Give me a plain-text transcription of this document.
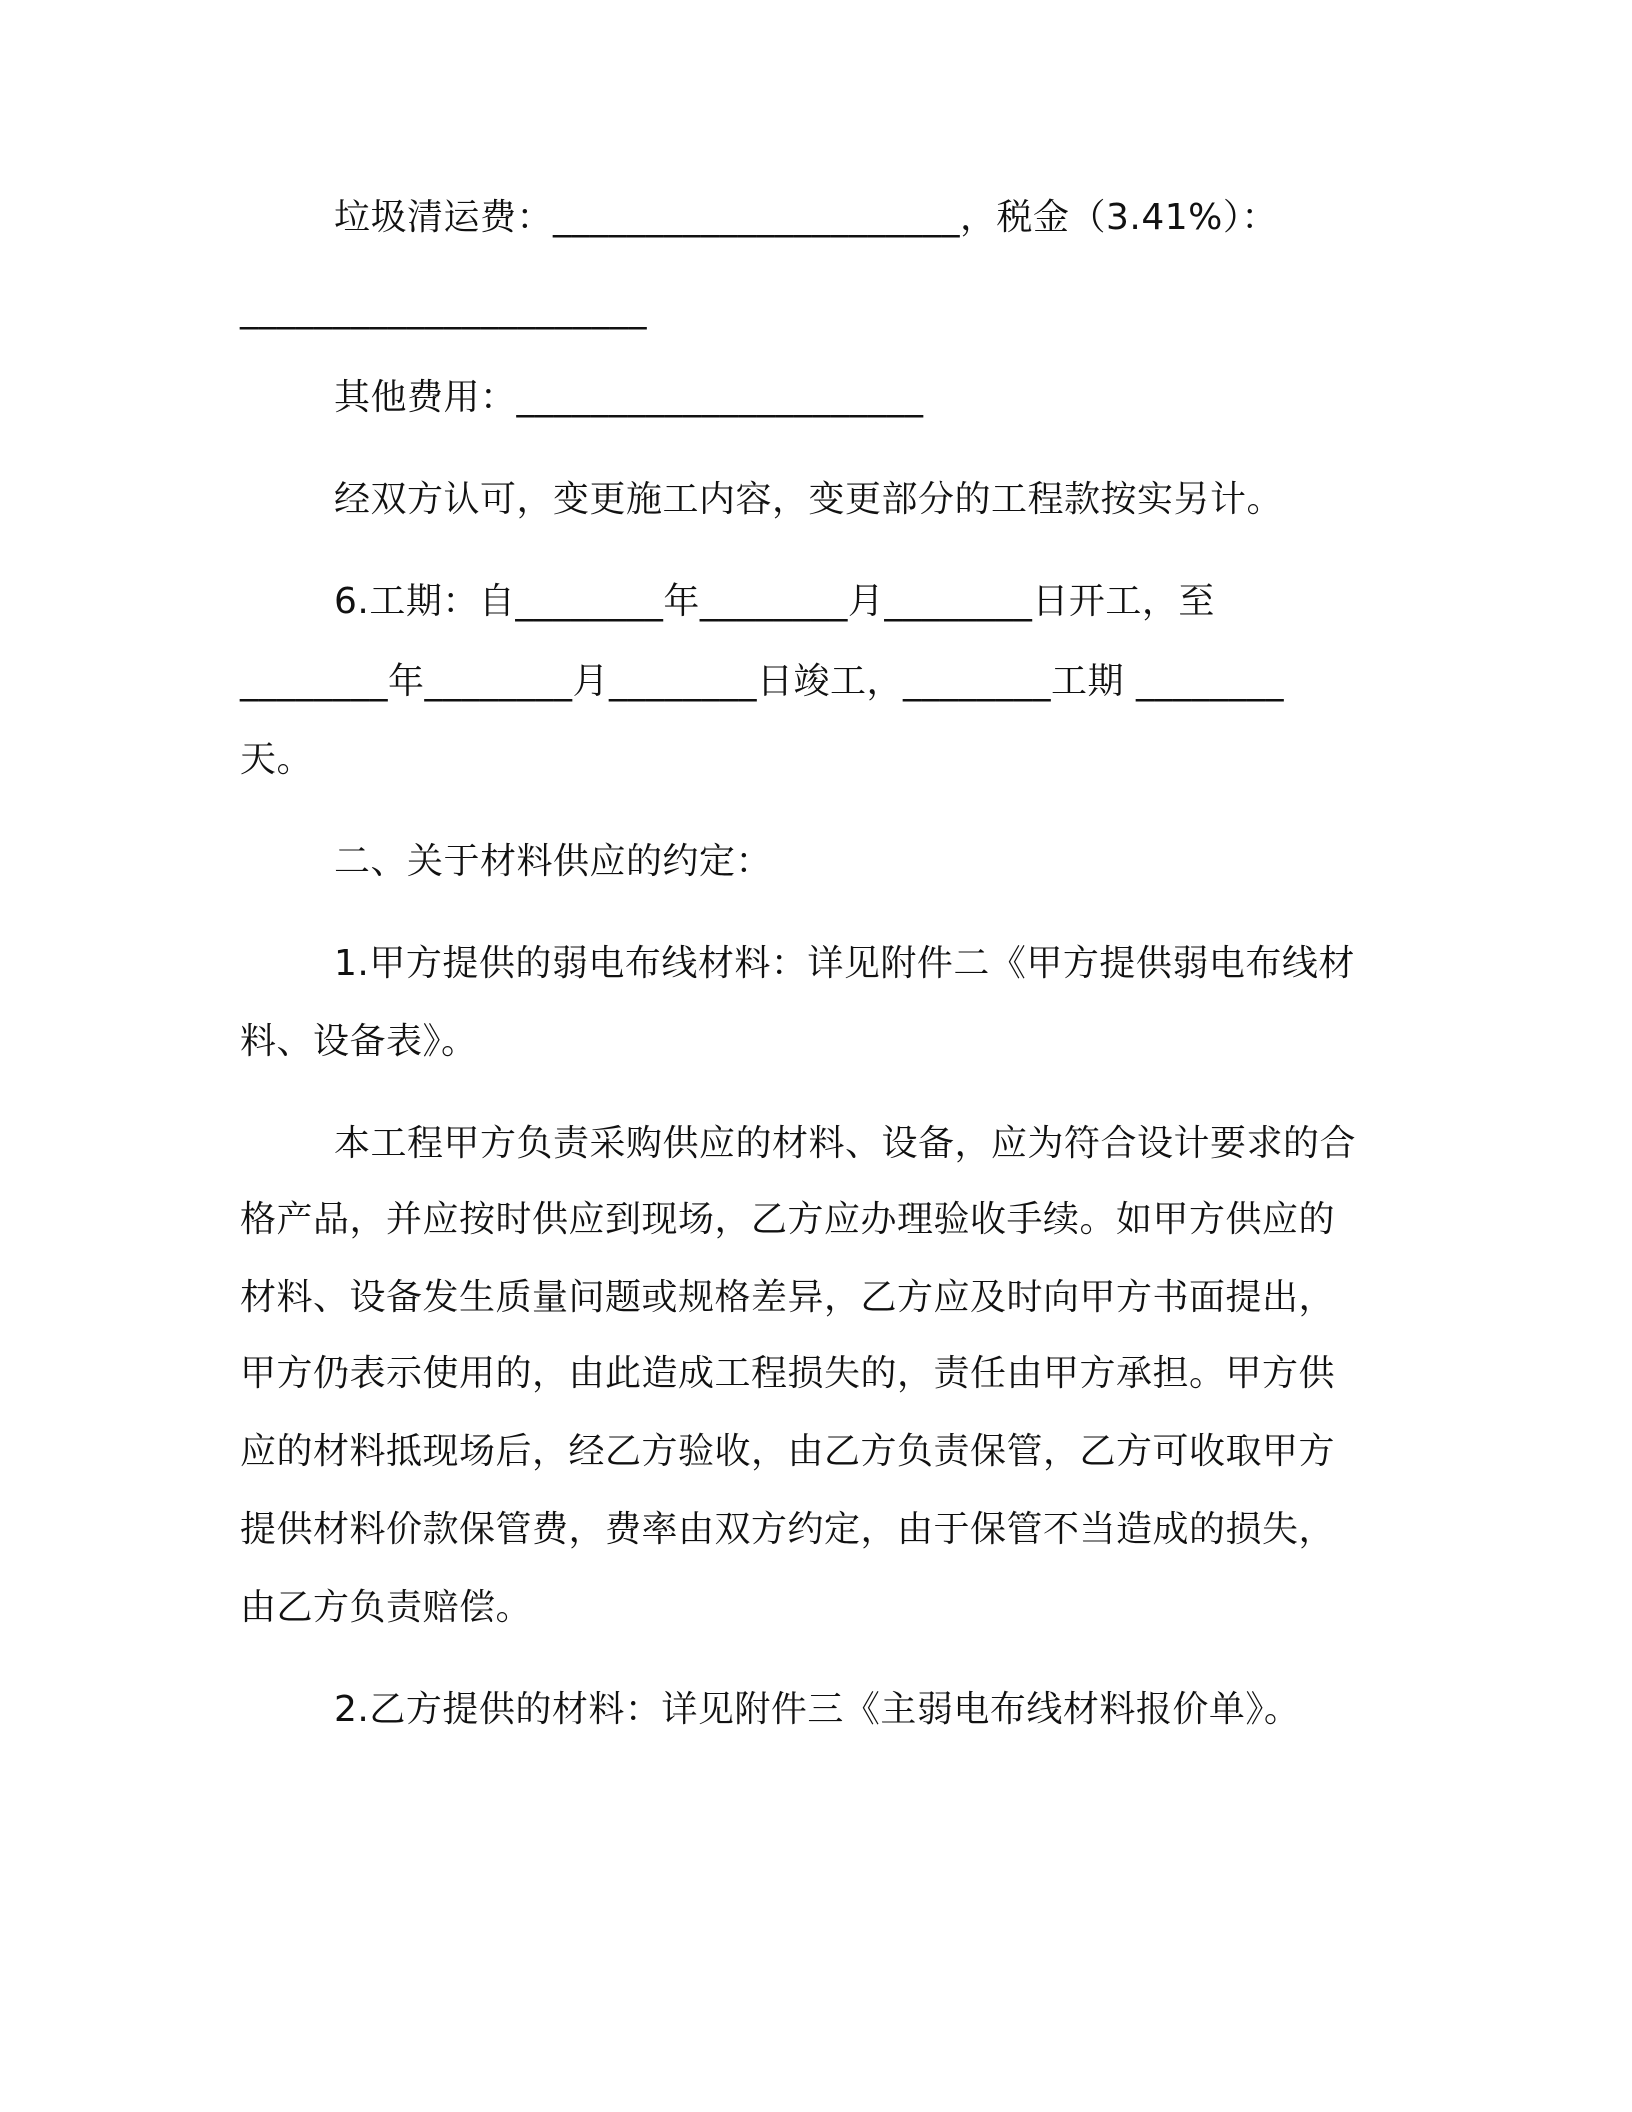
垃圾清运费：______________________，税金（3.41%）：
______________________
其他费用：______________________
经双方认可，变更施工内容，变更部分的工程款按实另计。
6.工期：自________年________月________日开工，至
________年________月________日竣工，________工期 ________
天。
二、关于材料供应的约定：
1.甲方提供的弱电布线材料：详见附件二《甲方提供弱电布线材
料、设备表》。
本工程甲方负责采购供应的材料、设备，应为符合设计要求的合
格产品，并应按时供应到现场，乙方应办理验收手续。如甲方供应的
材料、设备发生质量问题或规格差异，乙方应及时向甲方书面提出，
甲方仍表示使用的，由此造成工程损失的，责任由甲方承担。甲方供
应的材料抵现场后，经乙方验收，由乙方负责保管，乙方可收取甲方
提供材料价款保管费，费率由双方约定，由于保管不当造成的损失，
由乙方负责赔偿。
2.乙方提供的材料：详见附件三《主弱电布线材料报价单》。
